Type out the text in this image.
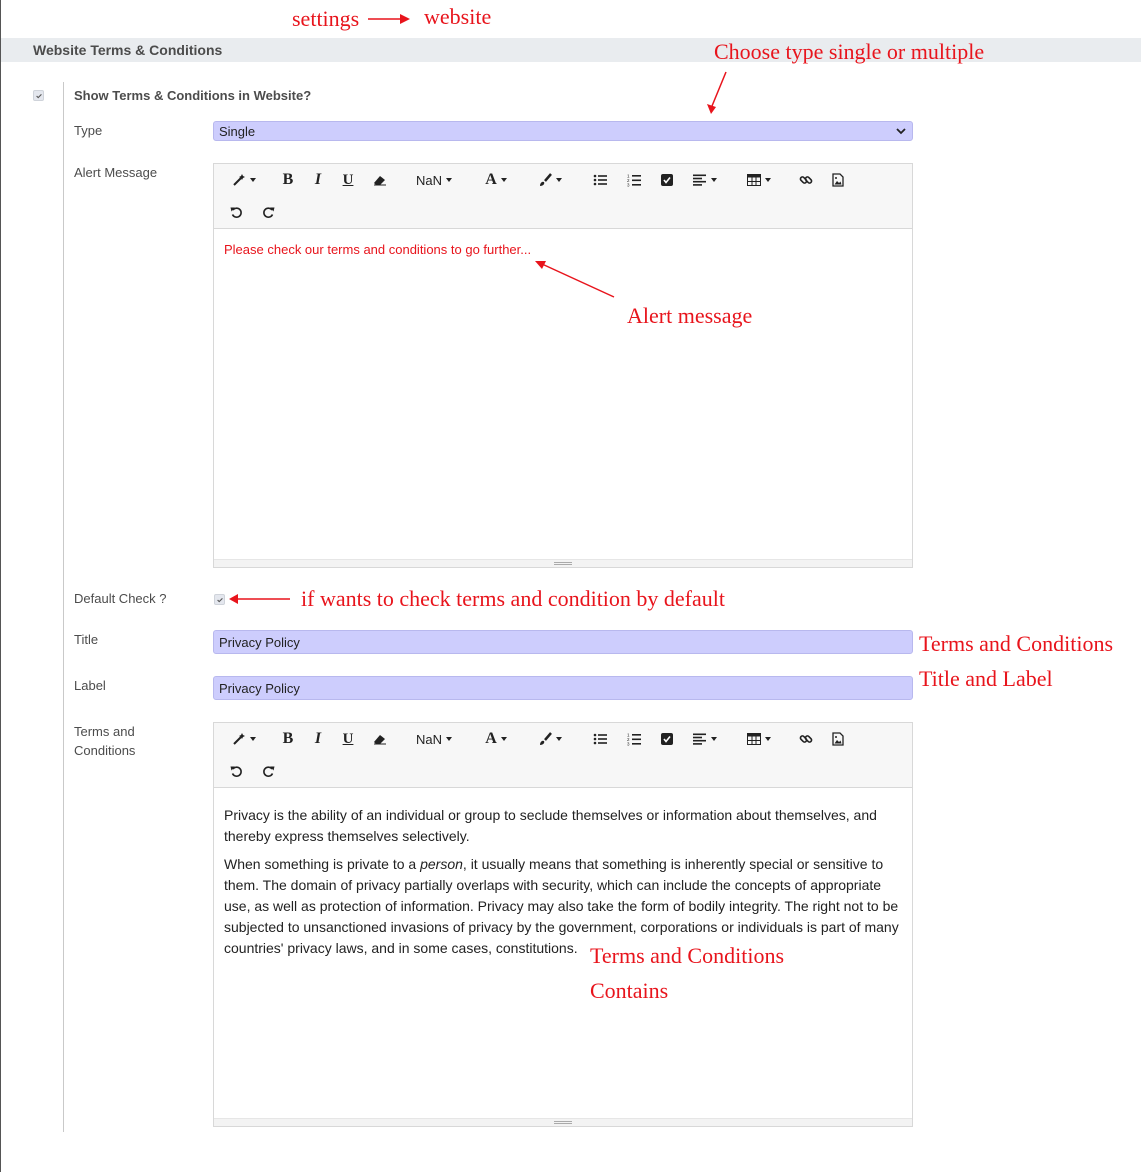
settings	website
Website Terms & Conditions	Choose type single or multiple
Show Terms & Conditions in Website?
Type	Single
Alert Message	B	I	U	NaN	A	1
2
3
Please check our terms and conditions to go further...
Alert message
Default Check ?	if wants to check terms and condition by default
Title	Privacy Policy	Terms and Conditions
Label	Privacy Policy	Title and Label
Terms and
Conditions
B	I	U	NaN	A	1
2
3
Privacy is the ability of an individual or group to seclude themselves or information about themselves, and thereby express themselves selectively.
When something is private to a person, it usually means that something is inherently special or sensitive to them. The domain of privacy partially overlaps with security, which can include the concepts of appropriate use, as well as protection of information. Privacy may also take the form of bodily integrity. The right not to be subjected to unsanctioned invasions of privacy by the government, corporations or individuals is part of many countries' privacy laws, and in some cases, constitutions. Terms and Conditions
Contains
